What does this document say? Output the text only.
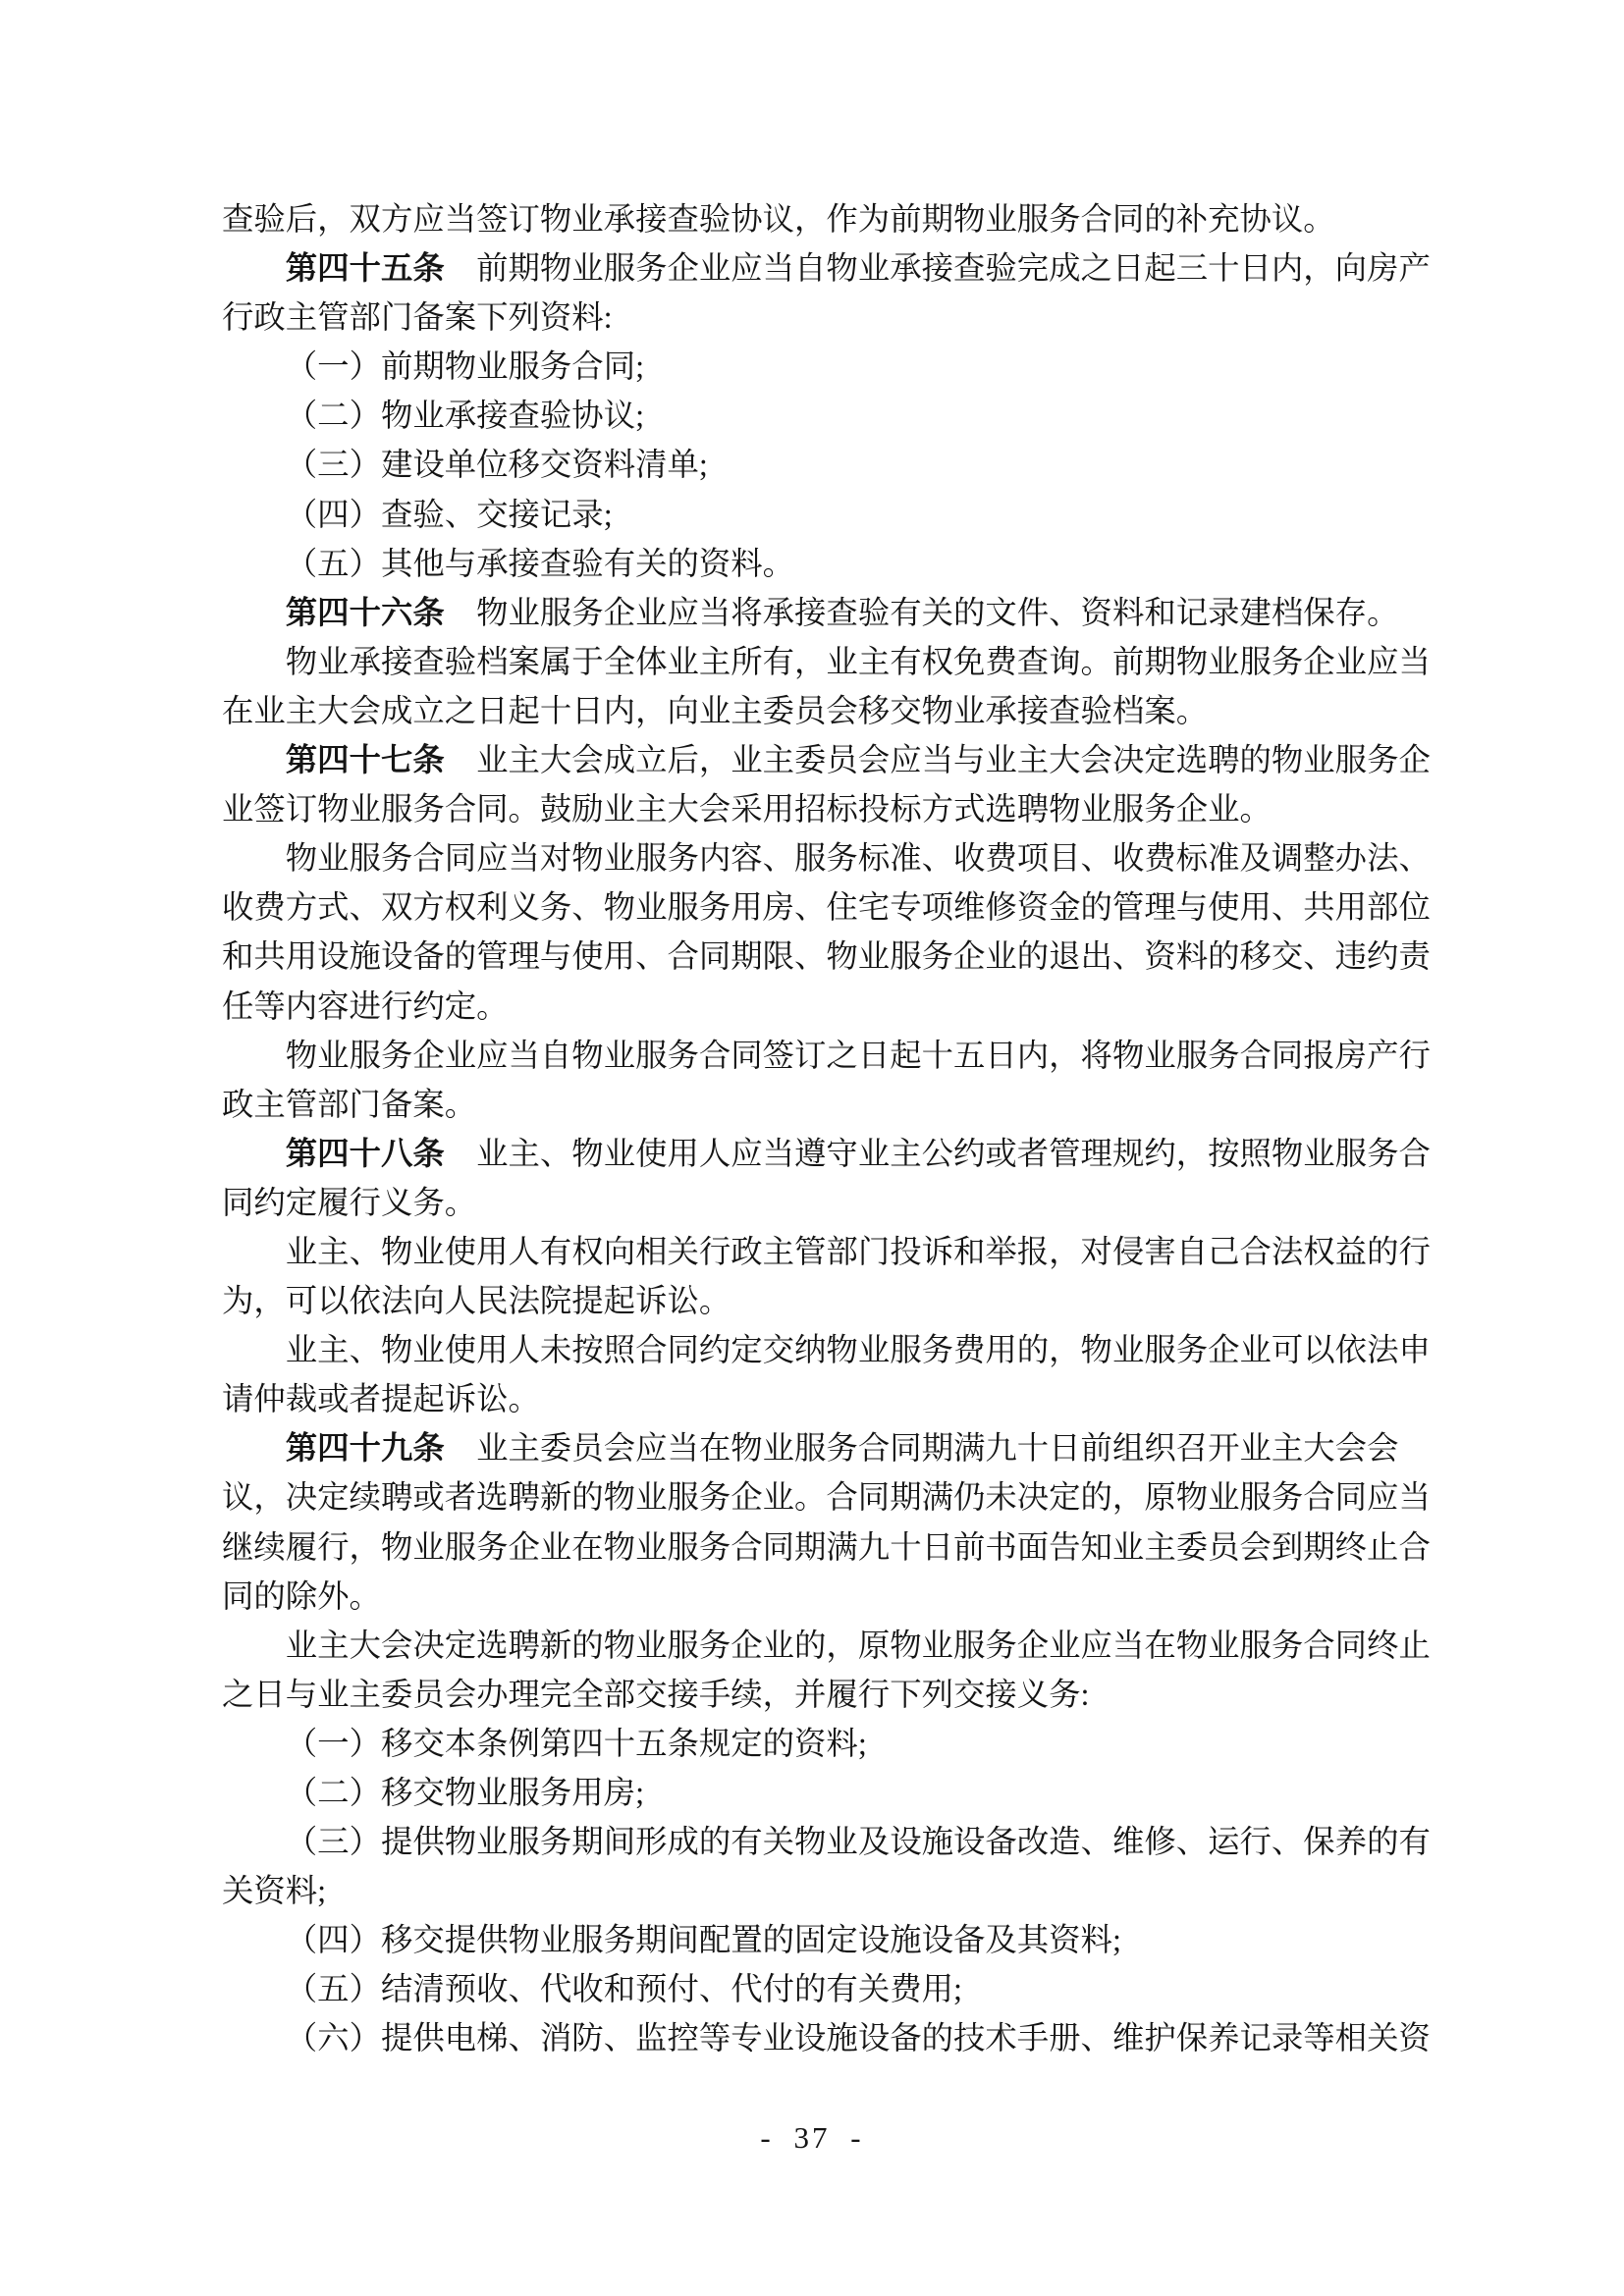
查验后，双方应当签订物业承接查验协议，作为前期物业服务合同的补充协议。
第四十五条 前期物业服务企业应当自物业承接查验完成之日起三十日内，向房产
行政主管部门备案下列资料:
（一）前期物业服务合同;
（二）物业承接查验协议;
（三）建设单位移交资料清单;
（四）查验、交接记录;
（五）其他与承接查验有关的资料。
第四十六条 物业服务企业应当将承接查验有关的文件、资料和记录建档保存。
物业承接查验档案属于全体业主所有，业主有权免费查询。前期物业服务企业应当
在业主大会成立之日起十日内，向业主委员会移交物业承接查验档案。
第四十七条 业主大会成立后，业主委员会应当与业主大会决定选聘的物业服务企
业签订物业服务合同。鼓励业主大会采用招标投标方式选聘物业服务企业。
物业服务合同应当对物业服务内容、服务标准、收费项目、收费标准及调整办法、
收费方式、双方权利义务、物业服务用房、住宅专项维修资金的管理与使用、共用部位
和共用设施设备的管理与使用、合同期限、物业服务企业的退出、资料的移交、违约责
任等内容进行约定。
物业服务企业应当自物业服务合同签订之日起十五日内，将物业服务合同报房产行
政主管部门备案。
第四十八条 业主、物业使用人应当遵守业主公约或者管理规约，按照物业服务合
同约定履行义务。
业主、物业使用人有权向相关行政主管部门投诉和举报，对侵害自己合法权益的行
为，可以依法向人民法院提起诉讼。
业主、物业使用人未按照合同约定交纳物业服务费用的，物业服务企业可以依法申
请仲裁或者提起诉讼。
第四十九条 业主委员会应当在物业服务合同期满九十日前组织召开业主大会会
议，决定续聘或者选聘新的物业服务企业。合同期满仍未决定的，原物业服务合同应当
继续履行，物业服务企业在物业服务合同期满九十日前书面告知业主委员会到期终止合
同的除外。
业主大会决定选聘新的物业服务企业的，原物业服务企业应当在物业服务合同终止
之日与业主委员会办理完全部交接手续，并履行下列交接义务:
（一）移交本条例第四十五条规定的资料;
（二）移交物业服务用房;
（三）提供物业服务期间形成的有关物业及设施设备改造、维修、运行、保养的有
关资料;
（四）移交提供物业服务期间配置的固定设施设备及其资料;
（五）结清预收、代收和预付、代付的有关费用;
（六）提供电梯、消防、监控等专业设施设备的技术手册、维护保养记录等相关资
- 37 -
